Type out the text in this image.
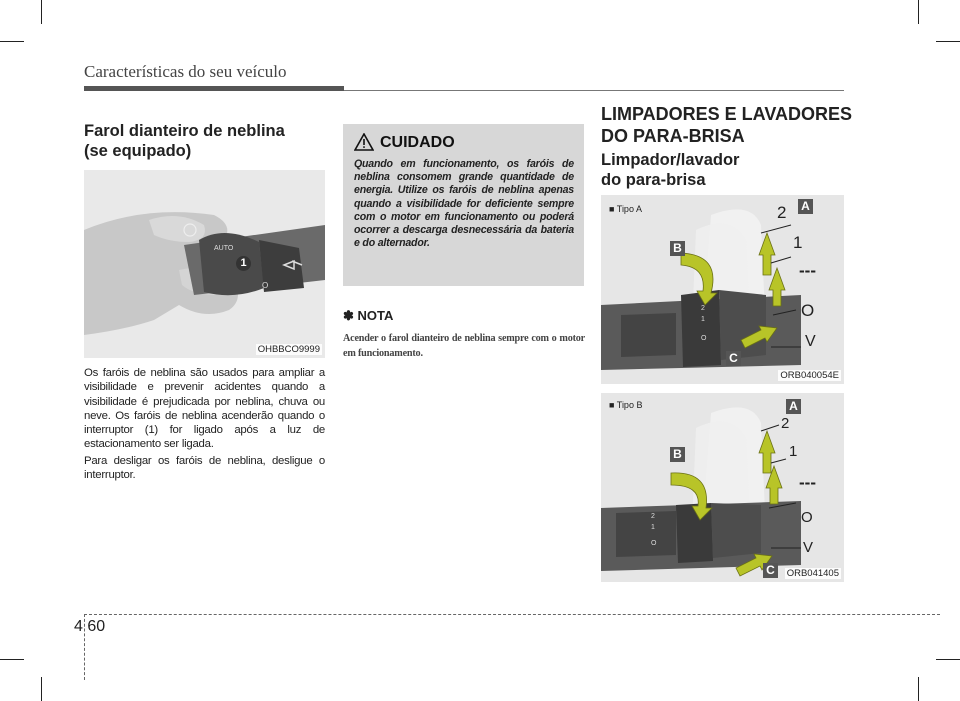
Características do seu veículo
Farol dianteiro de neblina
(se equipado)
AUTO
O
1
OHBBCO9999

Os faróis de neblina são usados para ampliar a visibilidade e prevenir acidentes quando a visibilidade é prejudicada por neblina, chuva ou neve. Os faróis de neblina acenderão quando o interruptor (1) for ligado após a luz de estacionamento ser ligada.

Para desligar os faróis de neblina, desligue o interruptor.

CUIDADO
Quando em funcionamento, os faróis de neblina consomem grande quantidade de energia. Utilize os faróis de neblina apenas quando a visibilidade for deficiente sempre com o motor em funcionamento ou poderá ocorrer a descarga desnecessária da bateria e do alternador.
✽ NOTA
Acender o farol dianteiro de neblina sempre com o motor em funcionamento.
LIMPADORES E LAVADORES
DO PARA-BRISA
Limpador/lavador
do para-brisa
2
1
O
■ Tipo A	A
B
C
2
1
---
O
V
ORB040054E
2
1
O
■ Tipo B	A
B
C
2
1
---
O
V
ORB041405
4 60
